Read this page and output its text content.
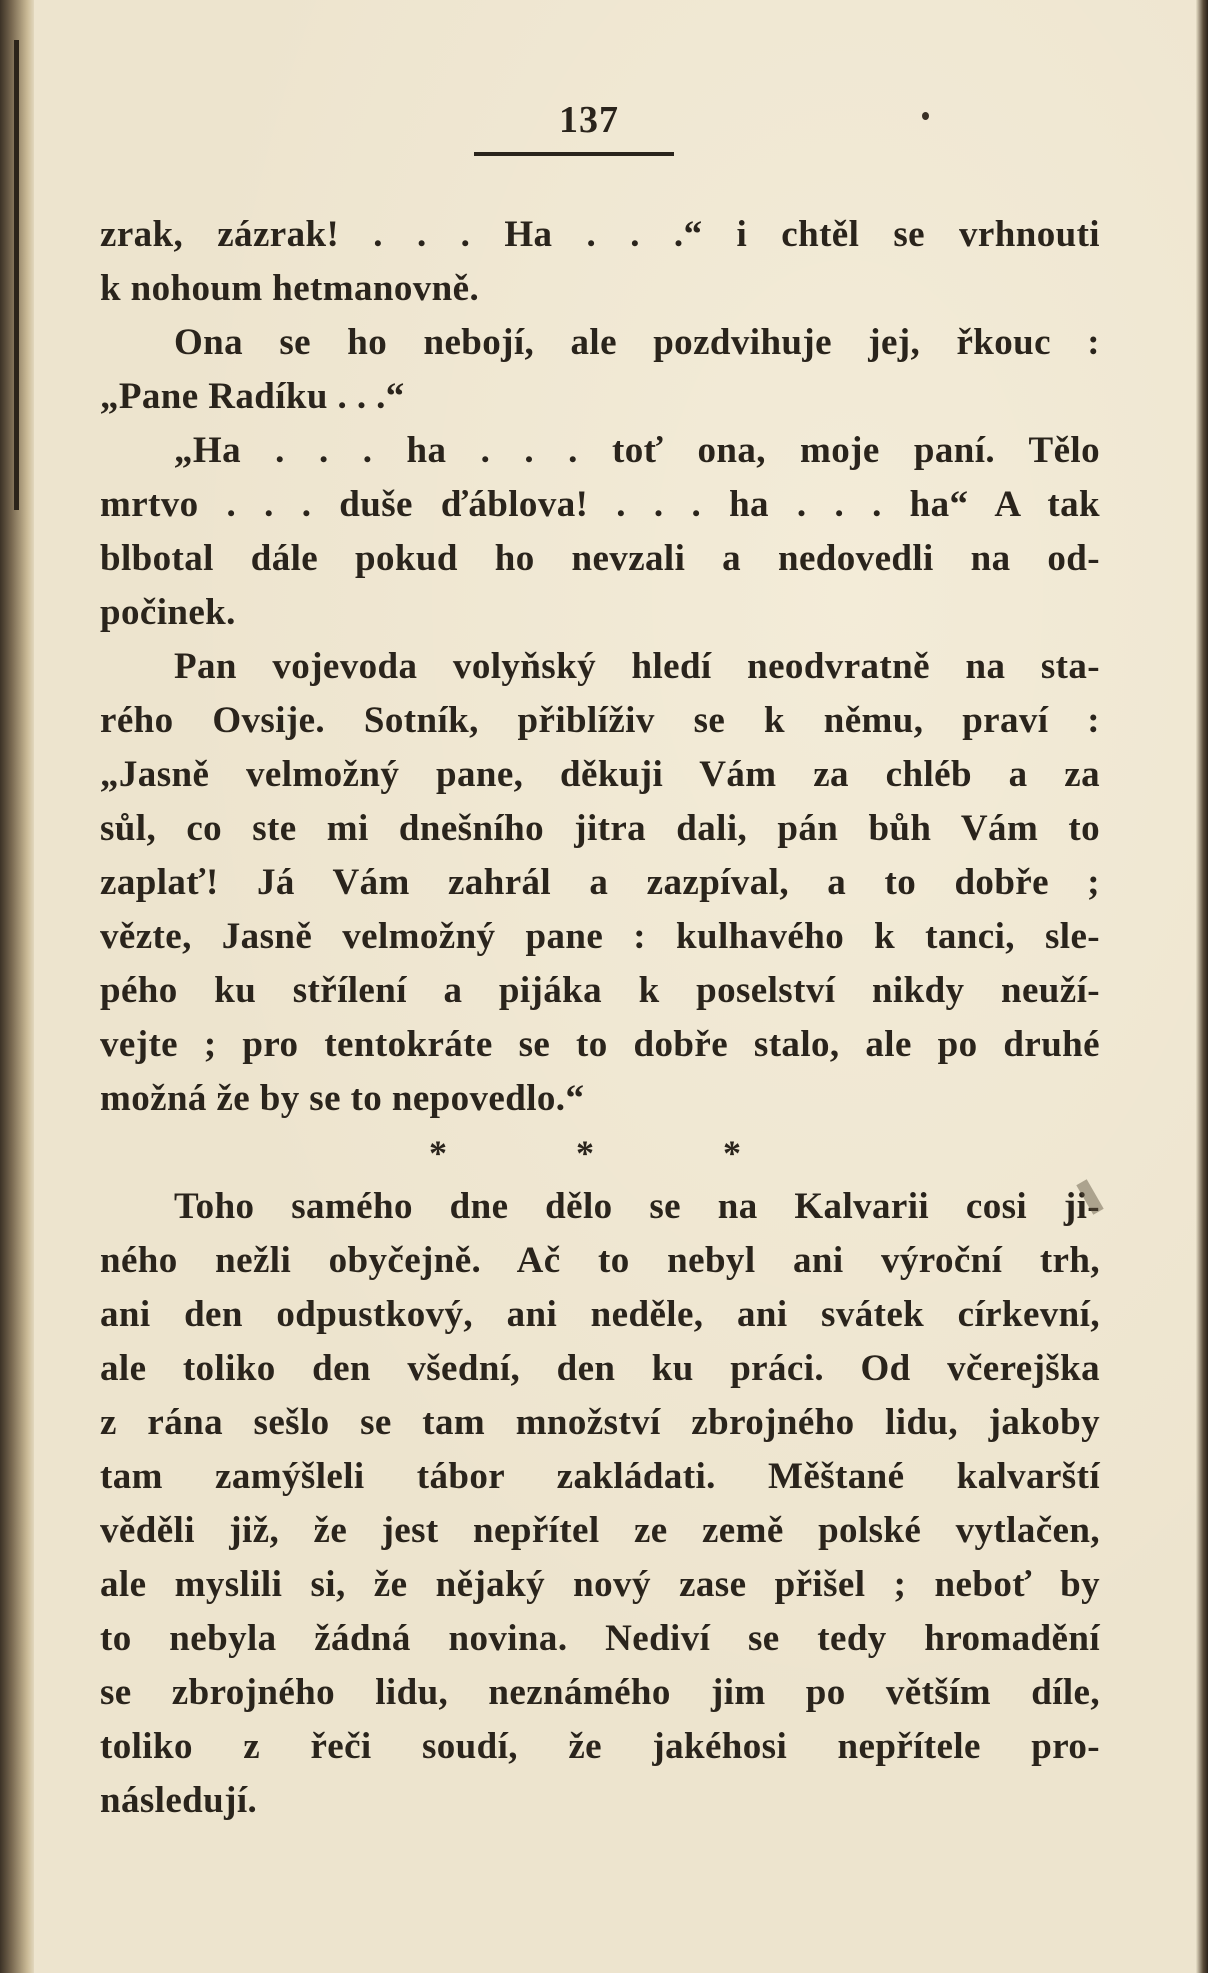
137
zrak, zázrak! . . . Ha . . .“ i chtěl se vrhnouti
k nohoum hetmanovně.
Ona se ho nebojí, ale pozdvihuje jej, řkouc :
„Pane Radíku . . .“
„Ha . . . ha . . . toť ona, moje paní. Tělo
mrtvo . . . duše ďáblova! . . . ha . . . ha“ A tak
blbotal dále pokud ho nevzali a nedovedli na od-
počinek.
Pan vojevoda volyňský hledí neodvratně na sta-
rého Ovsije. Sotník, přiblíživ se k němu, praví :
„Jasně velmožný pane, děkuji Vám za chléb a za
sůl, co ste mi dnešního jitra dali, pán bůh Vám to
zaplať! Já Vám zahrál a zazpíval, a to dobře ;
vězte, Jasně velmožný pane : kulhavého k tanci, sle-
pého ku střílení a pijáka k poselství nikdy neuží-
vejte ; pro tentokráte se to dobře stalo, ale po druhé
možná že by se to nepovedlo.“
* * *
Toho samého dne dělo se na Kalvarii cosi ji-
ného nežli obyčejně. Ač to nebyl ani výroční trh,
ani den odpustkový, ani neděle, ani svátek církevní,
ale toliko den všední, den ku práci. Od včerejška
z rána sešlo se tam množství zbrojného lidu, jakoby
tam zamýšleli tábor zakládati. Měštané kalvarští
věděli již, že jest nepřítel ze země polské vytlačen,
ale myslili si, že nějaký nový zase přišel ; neboť by
to nebyla žádná novina. Nediví se tedy hromadění
se zbrojného lidu, neznámého jim po větším díle,
toliko z řeči soudí, že jakéhosi nepřítele pro-
následují.
